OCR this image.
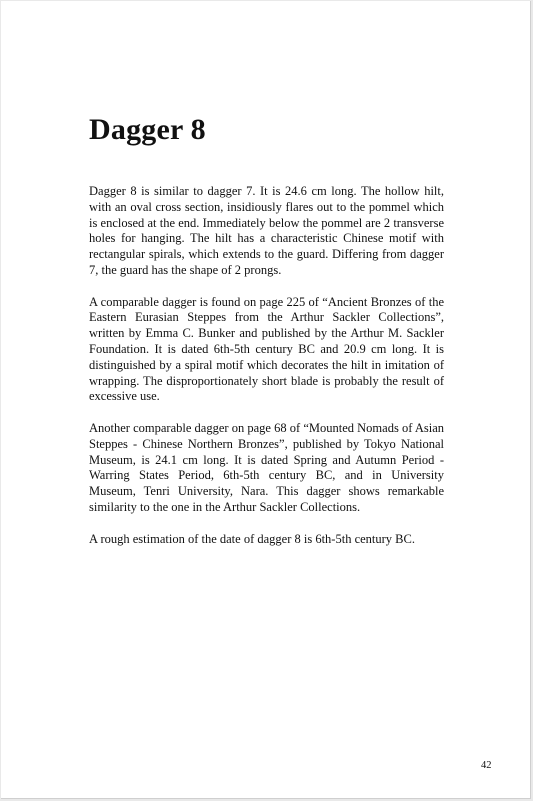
Dagger 8

Dagger 8 is similar to dagger 7. It is 24.6 cm long. The hollow hilt, with an oval cross section, insidiously flares out to the pommel which is enclosed at the end. Immediately below the pommel are 2 transverse holes for hanging. The hilt has a characteristic Chinese motif with rectangular spirals, which extends to the guard. Differing from dagger 7, the guard has the shape of 2 prongs.

A comparable dagger is found on page 225 of “Ancient Bronzes of the Eastern Eurasian Steppes from the Arthur Sackler Collections”, written by Emma C. Bunker and published by the Arthur M. Sackler Foundation. It is dated 6th-5th century BC and 20.9 cm long. It is distinguished by a spiral motif which decorates the hilt in imitation of wrapping. The disproportionately short blade is probably the result of excessive use.

Another comparable dagger on page 68 of “Mounted Nomads of Asian Steppes - Chinese Northern Bronzes”, published by Tokyo National Museum, is 24.1 cm long. It is dated Spring and Autumn Period - Warring States Period, 6th-5th century BC, and in University Museum, Tenri University, Nara. This dagger shows remarkable similarity to the one in the Arthur Sackler Collections.

A rough estimation of the date of dagger 8 is 6th-5th century BC.

42
